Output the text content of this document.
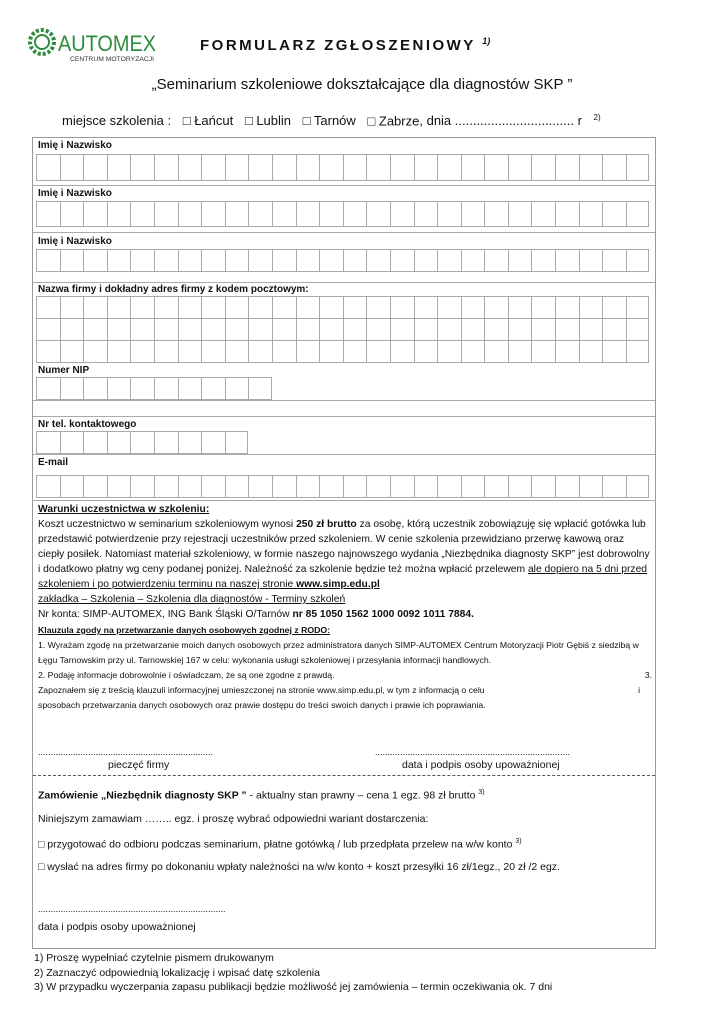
AUTOMEX
CENTRUM MOTORYZACJI
FORMULARZ ZGŁOSZENIOWY $^{1)}$
„Seminarium szkoleniowe dokształcające dla diagnostów SKP ”
miejsce szkolenia : □ Łańcut □ Lublin □ Tarnów □ Zabrze, dnia ................................. r $^{2)}$
Imię i Nazwisko
Imię i Nazwisko
Imię i Nazwisko
Nazwa firmy i dokładny adres firmy z kodem pocztowym:
Numer NIP
Nr tel. kontaktowego
E-mail
Warunki uczestnictwa w szkoleniu:
Koszt uczestnictwo w seminarium szkoleniowym wynosi 250 zł brutto za osobę, którą uczestnik zobowiązuję się wpłacić gotówka lub przedstawić potwierdzenie przy rejestracji uczestników przed szkoleniem. W cenie szkolenia przewidziano przerwę kawową oraz ciepły posiłek. Natomiast materiał szkoleniowy, w formie naszego najnowszego wydania „Niezbędnika diagnosty SKP” jest dobrowolny i dodatkowo płatny wg ceny podanej poniżej. Należność za szkolenie będzie też można wpłacić przelewem ale dopiero na 5 dni przed szkoleniem i po potwierdzeniu terminu na naszej stronie www.simp.edu.pl
zakładka – Szkolenia – Szkolenia dla diagnostów - Terminy szkoleń
Nr konta: SIMP-AUTOMEX, ING Bank Śląski O/Tarnów nr 85 1050 1562 1000 0092 1011 7884.
Klauzula zgody na przetwarzanie danych osobowych zgodnej z RODO:
1. Wyrażam zgodę na przetwarzanie moich danych osobowych przez administratora danych SIMP-AUTOMEX Centrum Motoryzacji Piotr Gębiś z siedzibą w Łęgu Tarnowskim przy ul. Tarnowskiej 167 w celu: wykonania usługi szkoleniowej i przesyłania informacji handlowych.
2. Podaję informacje dobrowolnie i oświadczam, że są one zgodne z prawdą.	3.
Zapoznałem się z treścią klauzuli informacyjnej umieszczonej na stronie www.simp.edu.pl, w tym z informacją o celu	i
sposobach przetwarzania danych osobowych oraz prawie dostępu do treści swoich danych i prawie ich poprawiania.
......................................................................
pieczęć firmy
..............................................................................
data i podpis osoby upoważnionej

Zamówienie „Niezbędnik diagnosty SKP ” - aktualny stan prawny – cena 1 egz. 98 zł brutto $^{3)}$

Niniejszym zamawiam …….. egz. i proszę wybrać odpowiedni wariant dostarczenia:

□ przygotować do odbioru podczas seminarium, płatne gotówką / lub przedpłata przelew na w/w konto $^{3)}$

□ wysłać na adres firmy po dokonaniu wpłaty należności na w/w konto + koszt przesyłki 16 zł/1egz., 20 zł /2 egz.

...........................................................................

data i podpis osoby upoważnionej

1) Proszę wypełniać czytelnie pismem drukowanym
2) Zaznaczyć odpowiednią lokalizację i wpisać datę szkolenia
3) W przypadku wyczerpania zapasu publikacji będzie możliwość jej zamówienia – termin oczekiwania ok. 7 dni
